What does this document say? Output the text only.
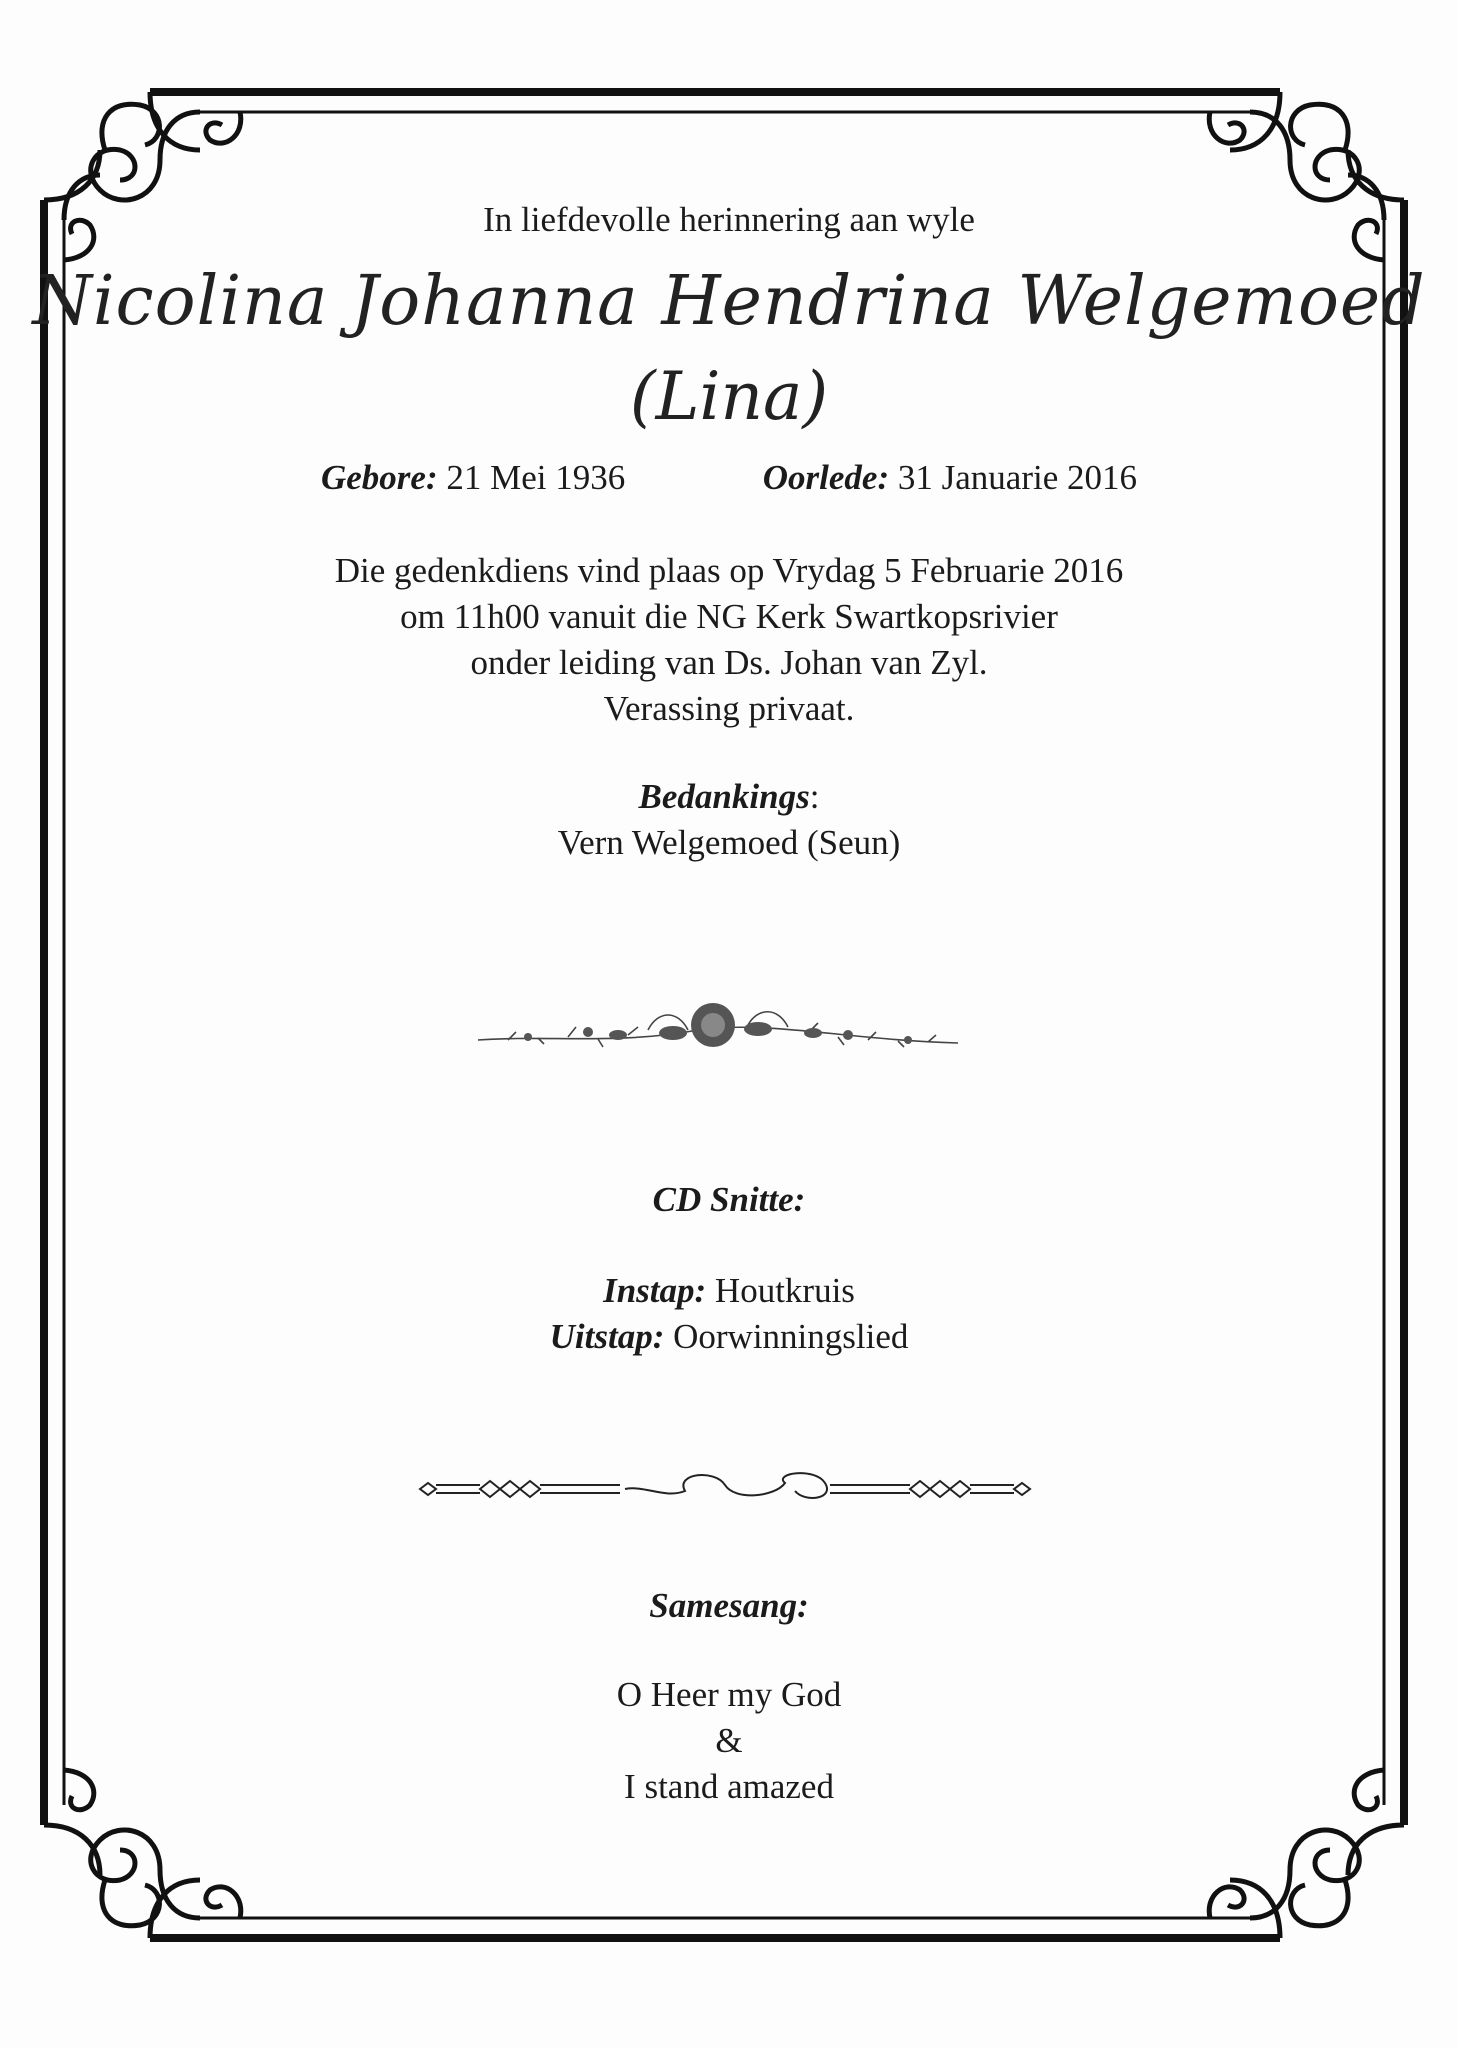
In liefdevolle herinnering aan wyle
Nicolina Johanna Hendrina Welgemoed
(Lina)
Gebore: 21 Mei 1936	Oorlede: 31 Januarie 2016
Die gedenkdiens vind plaas op Vrydag 5 Februarie 2016
om 11h00 vanuit die NG Kerk Swartkopsrivier
onder leiding van Ds. Johan van Zyl.
Verassing privaat.
Bedankings:
Vern Welgemoed (Seun)
CD Snitte:
Instap: Houtkruis
Uitstap: Oorwinningslied
Samesang:
O Heer my God
&
I stand amazed
